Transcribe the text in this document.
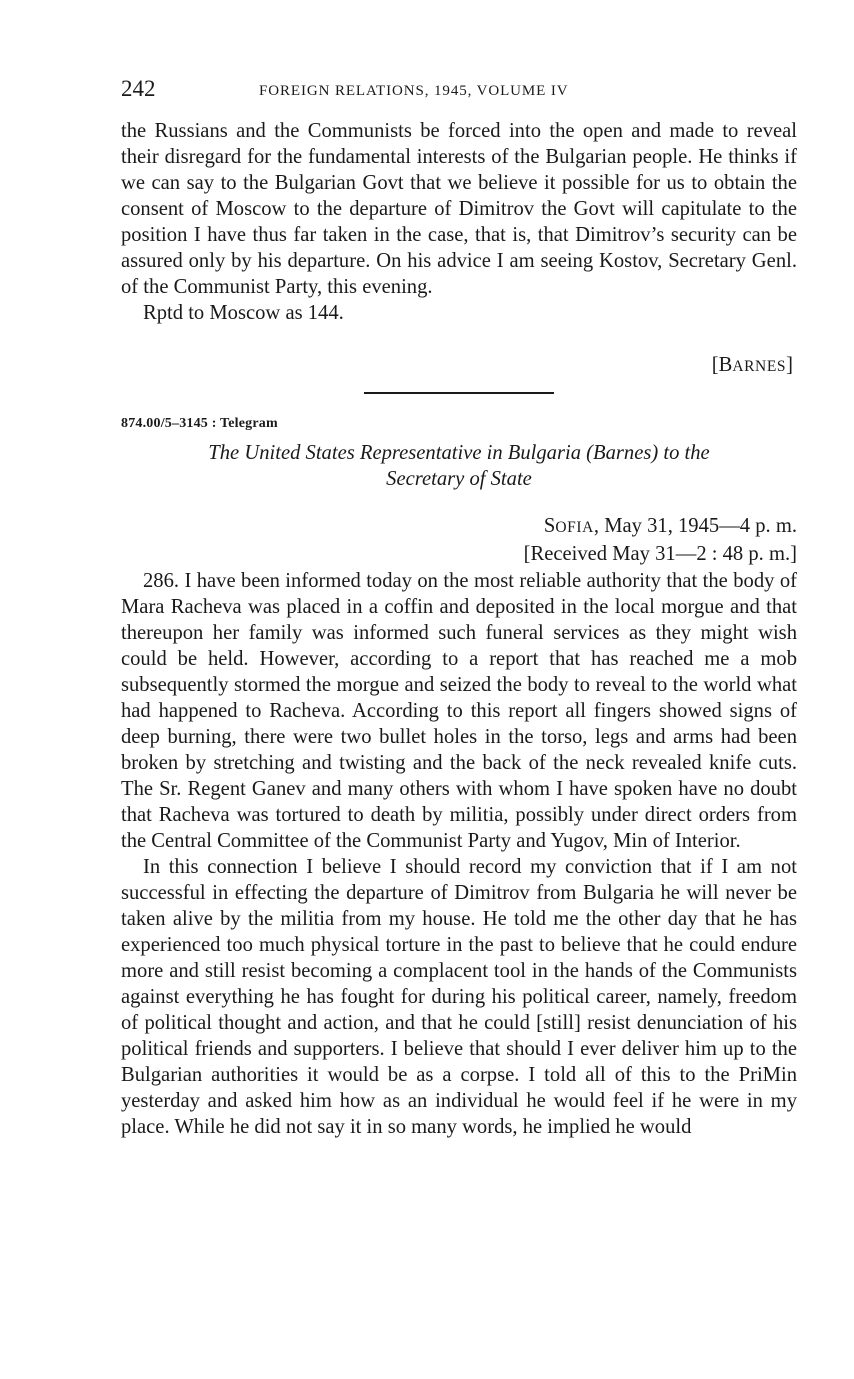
242	FOREIGN RELATIONS, 1945, VOLUME IV

the Russians and the Communists be forced into the open and made to reveal their disregard for the fundamental interests of the Bulgarian people. He thinks if we can say to the Bulgarian Govt that we believe it possible for us to obtain the consent of Moscow to the departure of Dimitrov the Govt will capitulate to the position I have thus far taken in the case, that is, that Dimitrov’s security can be assured only by his departure. On his advice I am seeing Kostov, Secretary Genl. of the Communist Party, this evening.

Rptd to Moscow as 144.

[BARNES]
874.00/5–3145 : Telegram
The United States Representative in Bulgaria (Barnes) to the
Secretary of State
SOFIA, May 31, 1945—4 p. m.
[Received May 31—2 : 48 p. m.]

286. I have been informed today on the most reliable authority that the body of Mara Racheva was placed in a coffin and deposited in the local morgue and that thereupon her family was informed such funeral services as they might wish could be held. However, according to a report that has reached me a mob subsequently stormed the morgue and seized the body to reveal to the world what had happened to Racheva. According to this report all fingers showed signs of deep burning, there were two bullet holes in the torso, legs and arms had been broken by stretching and twisting and the back of the neck revealed knife cuts. The Sr. Regent Ganev and many others with whom I have spoken have no doubt that Racheva was tortured to death by militia, possibly under direct orders from the Central Committee of the Communist Party and Yugov, Min of Interior.

In this connection I believe I should record my conviction that if I am not successful in effecting the departure of Dimitrov from Bulgaria he will never be taken alive by the militia from my house. He told me the other day that he has experienced too much physical torture in the past to believe that he could endure more and still resist becoming a complacent tool in the hands of the Communists against everything he has fought for during his political career, namely, freedom of political thought and action, and that he could [still] resist denunciation of his political friends and supporters. I believe that should I ever deliver him up to the Bulgarian authorities it would be as a corpse. I told all of this to the PriMin yesterday and asked him how as an individual he would feel if he were in my place. While he did not say it in so many words, he implied he would
